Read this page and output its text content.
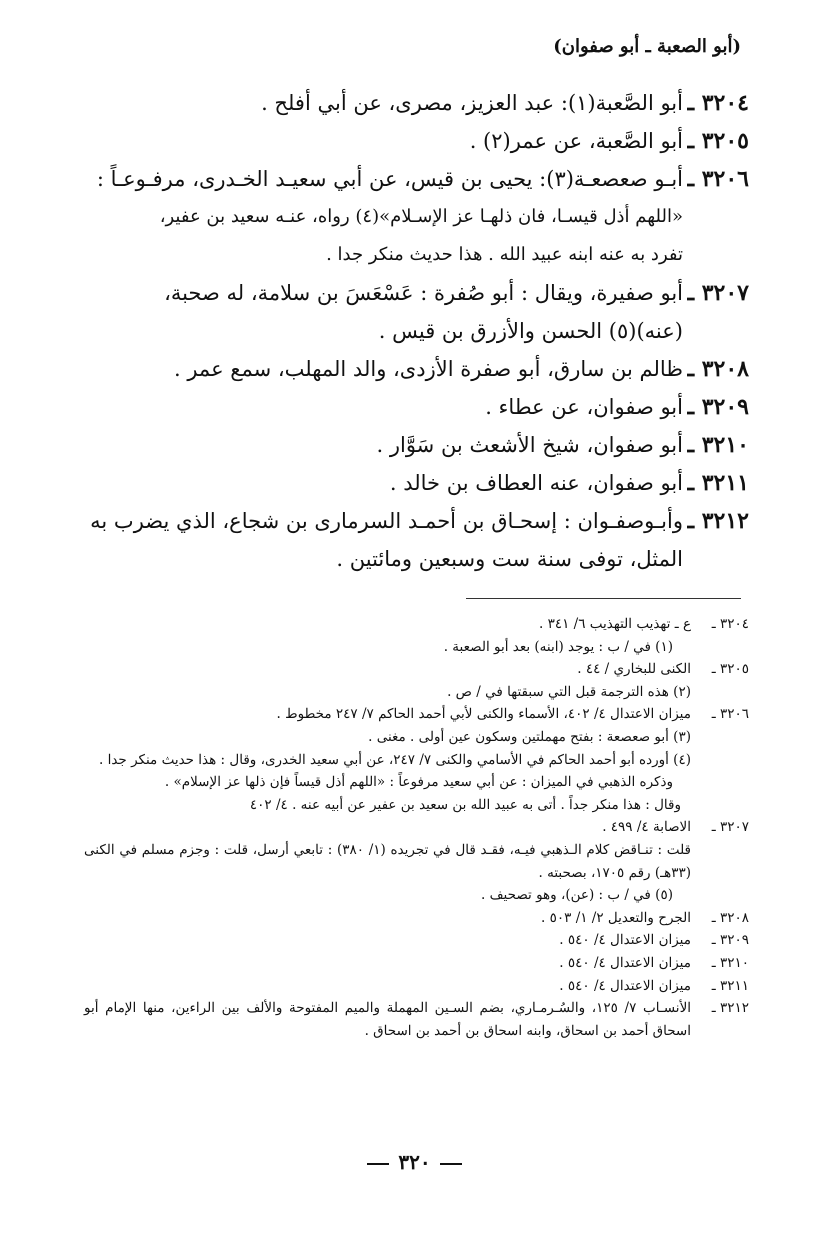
(أبو الصعبة ـ أبو صفوان)
٣٢٠٤ ـ
أبو الصَّعبة(١): عبد العزيز، مصرى، عن أبي أفلح .
٣٢٠٥ ـ
أبو الصَّعبة، عن عمر(٢) .
٣٢٠٦ ـ
أبـو صعصعـة(٣): يحيى بن قيس، عن أبي سعيـد الخـدرى، مرفـوعـاً :
«اللهم أذل قيسـا، فان ذلهـا عز الإسـلام»(٤) رواه، عنـه سعيد بن عفير،
تفرد به عنه ابنه عبيد الله . هذا حديث منكر جدا .
٣٢٠٧ ـ
أبو صفيرة، ويقال : أبو صُفرة : عَسْعَسَ بن سلامة، له صحبة،
(عنه)(٥) الحسن والأزرق بن قيس .
٣٢٠٨ ـ
ظالم بن سارق، أبو صفرة الأزدى، والد المهلب، سمع عمر .
٣٢٠٩ ـ
أبو صفوان، عن عطاء .
٣٢١٠ ـ
أبو صفوان، شيخ الأشعث بن سَوَّار .
٣٢١١ ـ
أبو صفوان، عنه العطاف بن خالد .
٣٢١٢ ـ
وأبـوصفـوان : إسحـاق بن أحمـد السرمارى بن شجاع، الذي يضرب به
المثل، توفى سنة ست وسبعين ومائتين .
٣٢٠٤ ـ
ع ـ تهذيب التهذيب ٦/ ٣٤١ .
(١) في / ب : يوجد (ابنه) بعد أبو الصعبة .
٣٢٠٥ ـ
الكنى للبخاري / ٤٤ .
(٢) هذه الترجمة قبل التي سبقتها في / ص .
٣٢٠٦ ـ
ميزان الاعتدال ٤/ ٤٠٢، الأسماء والكنى لأبي أحمد الحاكم ٧/ ٢٤٧ مخطوط .
(٣) أبو صعصعة : بفتح مهملتين وسكون عين أولى . مغنى .
(٤) أورده أبو أحمد الحاكم في الأسامي والكنى ٧/ ٢٤٧، عن أبي سعيد الخدرى، وقال : هذا حديث منكر جدا .
وذكره الذهبي في الميزان : عن أبي سعيد مرفوعاً : «اللهم أذل قيساً فإن ذلها عز الإسلام» .
وقال : هذا منكر جداً . أتى به عبيد الله بن سعيد بن عفير عن أبيه عنه . ٤/ ٤٠٢
٣٢٠٧ ـ
الاصابة ٤/ ٤٩٩ .
قلت : تنـاقض كلام الـذهبي فيـه، فقـد قال في تجريده (١/ ٣٨٠) : تابعي أرسل، قلت : وجزم مسلم في الكنى (٣٣هـ) رقم ١٧٠٥، بصحبته .
(٥) في / ب : (عن)، وهو تصحيف .
٣٢٠٨ ـ
الجرح والتعديل ٢/ ١/ ٥٠٣ .
٣٢٠٩ ـ
ميزان الاعتدال ٤/ ٥٤٠ .
٣٢١٠ ـ
ميزان الاعتدال ٤/ ٥٤٠ .
٣٢١١ ـ
ميزان الاعتدال ٤/ ٥٤٠ .
٣٢١٢ ـ
الأنسـاب ٧/ ١٢٥، والسُـرمـاري، بضم السـين المهملة والميم المفتوحة والألف بين الراءين، منها الإمام أبو اسحاق أحمد بن اسحاق، وابنه اسحاق بن أحمد بن اسحاق .
٣٢٠
